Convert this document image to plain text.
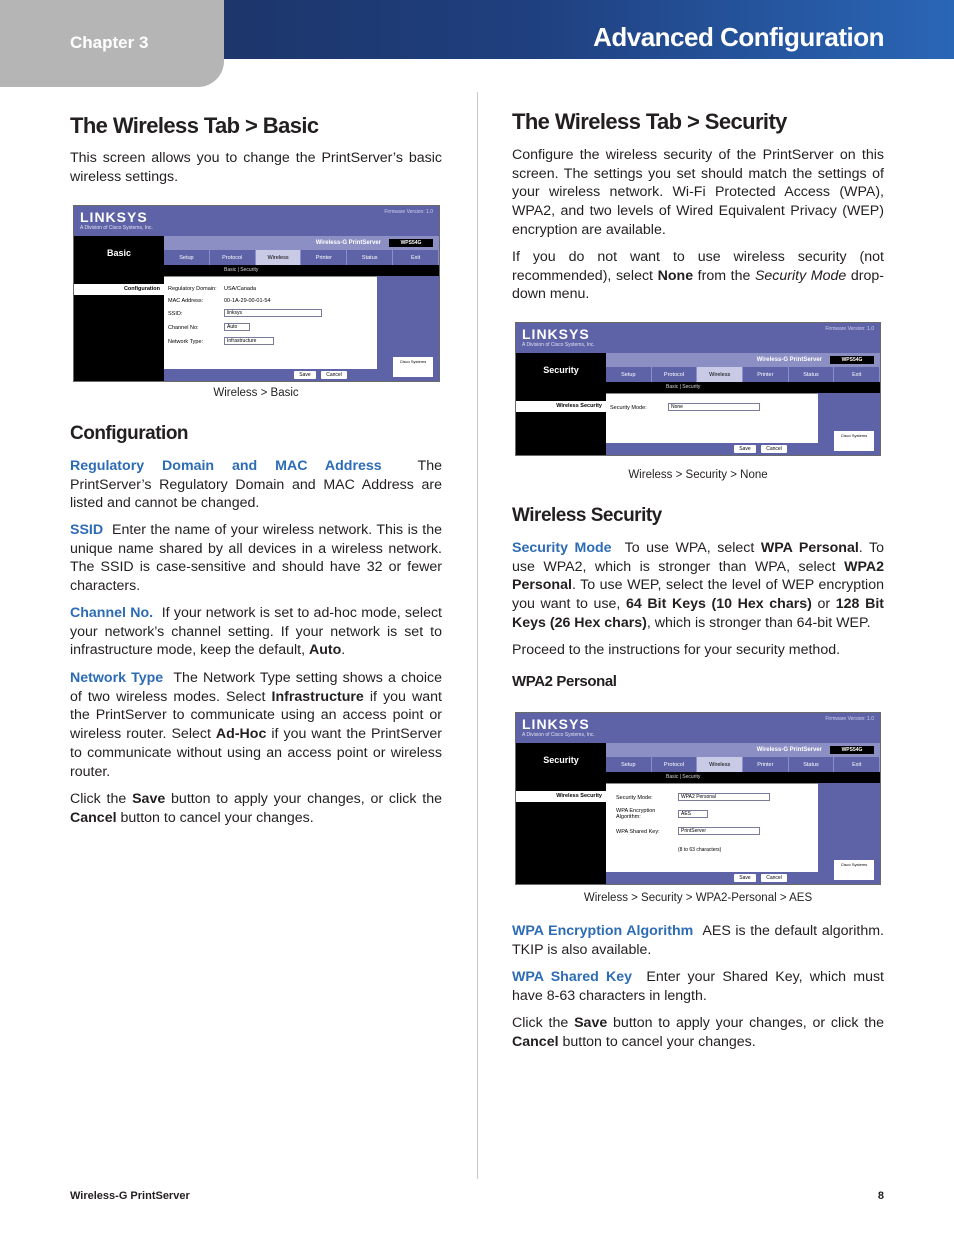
Chapter 3	Advanced Configuration
The Wireless Tab > Basic

This screen allows you to change the PrintServer’s basic wireless settings.

LINKSYS
A Division of Cisco Systems, Inc.
Firmware Version: 1.0
Basic
Wireless-G PrintServer	WPS54G
Setup	Protocol	Wireless	Printer	Status	Exit
Basic | Security
Configuration	Regulatory Domain: USA/Canada
MAC Address:	00-1A-29-00-01-54
SSID:	linksys
Channel No:	Auto
Network Type:	Infrastructure
Cisco Systems
Save	Cancel
Wireless > Basic
Configuration

Regulatory Domain and MAC Address	The PrintServer’s Regulatory Domain and MAC Address are listed and cannot be changed.

SSID Enter the name of your wireless network. This is the unique name shared by all devices in a wireless network. The SSID is case-sensitive and should have 32 or fewer characters.

Channel No. If your network is set to ad-hoc mode, select your network’s channel setting. If your network is set to infrastructure mode, keep the default, Auto.

Network Type The Network Type setting shows a choice of two wireless modes. Select Infrastructure if you want the PrintServer to communicate using an access point or wireless router. Select Ad-Hoc if you want the PrintServer to communicate without using an access point or wireless router.

Click the Save button to apply your changes, or click the Cancel button to cancel your changes.

The Wireless Tab > Security

Configure the wireless security of the PrintServer on this screen. The settings you set should match the settings of your wireless network. Wi-Fi Protected Access (WPA), WPA2, and two levels of Wired Equivalent Privacy (WEP) encryption are available.

If you do not want to use wireless security (not recommended), select None from the Security Mode drop-down menu.

LINKSYS
A Division of Cisco Systems, Inc.
Firmware Version: 1.0
Security
Wireless-G PrintServer	WPS54G
Setup	Protocol	Wireless	Printer	Status	Exit
Basic | Security
Wireless Security	Security Mode:	None
Cisco Systems
Save	Cancel
Wireless > Security > None
Wireless Security

Security Mode To use WPA, select WPA Personal. To use WPA2, which is stronger than WPA, select WPA2 Personal. To use WEP, select the level of WEP encryption you want to use, 64 Bit Keys (10 Hex chars) or 128 Bit Keys (26 Hex chars), which is stronger than 64-bit WEP.

Proceed to the instructions for your security method.

WPA2 Personal
LINKSYS
A Division of Cisco Systems, Inc.
Firmware Version: 1.0
Security
Wireless-G PrintServer	WPS54G
Setup	Protocol	Wireless	Printer	Status	Exit
Basic | Security
Wireless Security	Security Mode:	WPA2 Personal
WPA Encryption Algorithm:	AES
WPA Shared Key:	PrintServer
(8 to 63 characters)
Cisco Systems
Save	Cancel
Wireless > Security > WPA2-Personal > AES

WPA Encryption Algorithm AES is the default algorithm. TKIP is also available.

WPA Shared Key Enter your Shared Key, which must have 8-63 characters in length.

Click the Save button to apply your changes, or click the Cancel button to cancel your changes.

Wireless-G PrintServer	8
